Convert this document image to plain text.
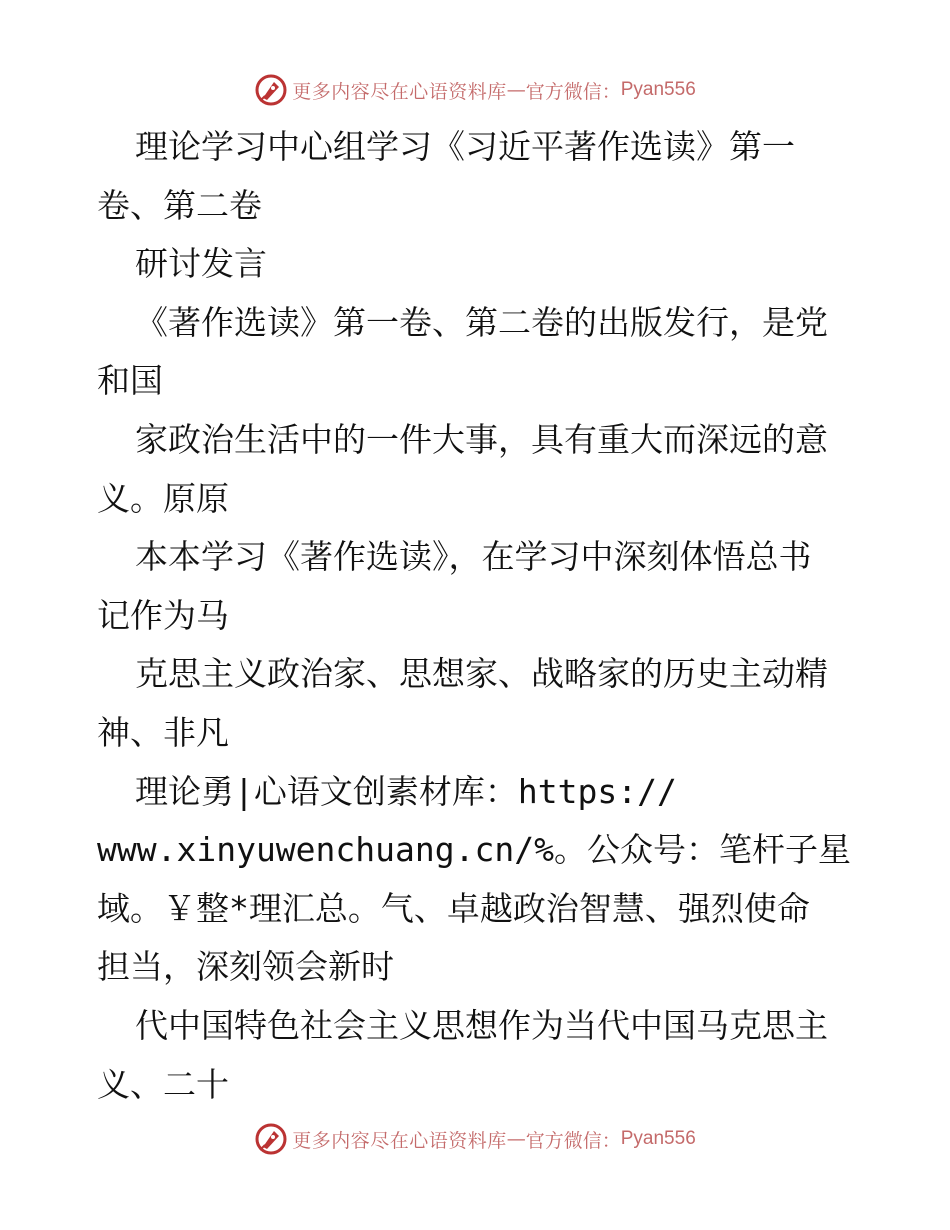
更多内容尽在心语资料库 — 官方微信： Pyan556
理论学习中心组学习《习近平著作选读》第一
卷、第二卷
研讨发言
《著作选读》第一卷、第二卷的出版发行，是党
和国
家政治生活中的一件大事，具有重大而深远的意
义。原原
本本学习《著作选读》，在学习中深刻体悟总书
记作为马
克思主义政治家、思想家、战略家的历史主动精
神、非凡
理论勇|心语文创素材库：https://
www.xinyuwenchuang.cn/%。公众号：笔杆子星
域。￥整*理汇总。气、卓越政治智慧、强烈使命
担当，深刻领会新时
代中国特色社会主义思想作为当代中国马克思主
义、二十
更多内容尽在心语资料库 — 官方微信： Pyan556
